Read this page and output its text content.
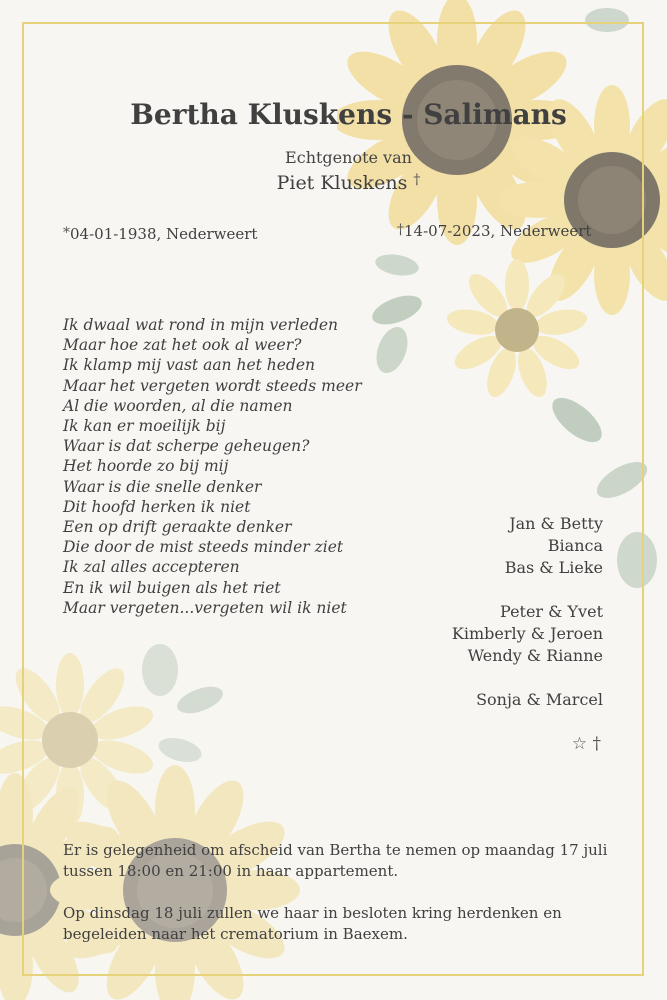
Bertha Kluskens - Salimans
Echtgenote van
Piet Kluskens †
*04-01-1938, Nederweert	†14-07-2023, Nederweert
Ik dwaal wat rond in mijn verleden
Maar hoe zat het ook al weer?
Ik klamp mij vast aan het heden
Maar het vergeten wordt steeds meer
Al die woorden, al die namen
Ik kan er moeilijk bij
Waar is dat scherpe geheugen?
Het hoorde zo bij mij
Waar is die snelle denker
Dit hoofd herken ik niet
Een op drift geraakte denker
Die door de mist steeds minder ziet
Ik zal alles accepteren
En ik wil buigen als het riet
Maar vergeten...vergeten wil ik niet
Jan & Betty
Bianca
Bas & Lieke
Peter & Yvet
Kimberly & Jeroen
Wendy & Rianne
Sonja & Marcel
☆ †

Er is gelegenheid om afscheid van Bertha te nemen op maandag 17 juli tussen 18:00 en 21:00 in haar appartement.

Op dinsdag 18 juli zullen we haar in besloten kring herdenken en begeleiden naar het crematorium in Baexem.
